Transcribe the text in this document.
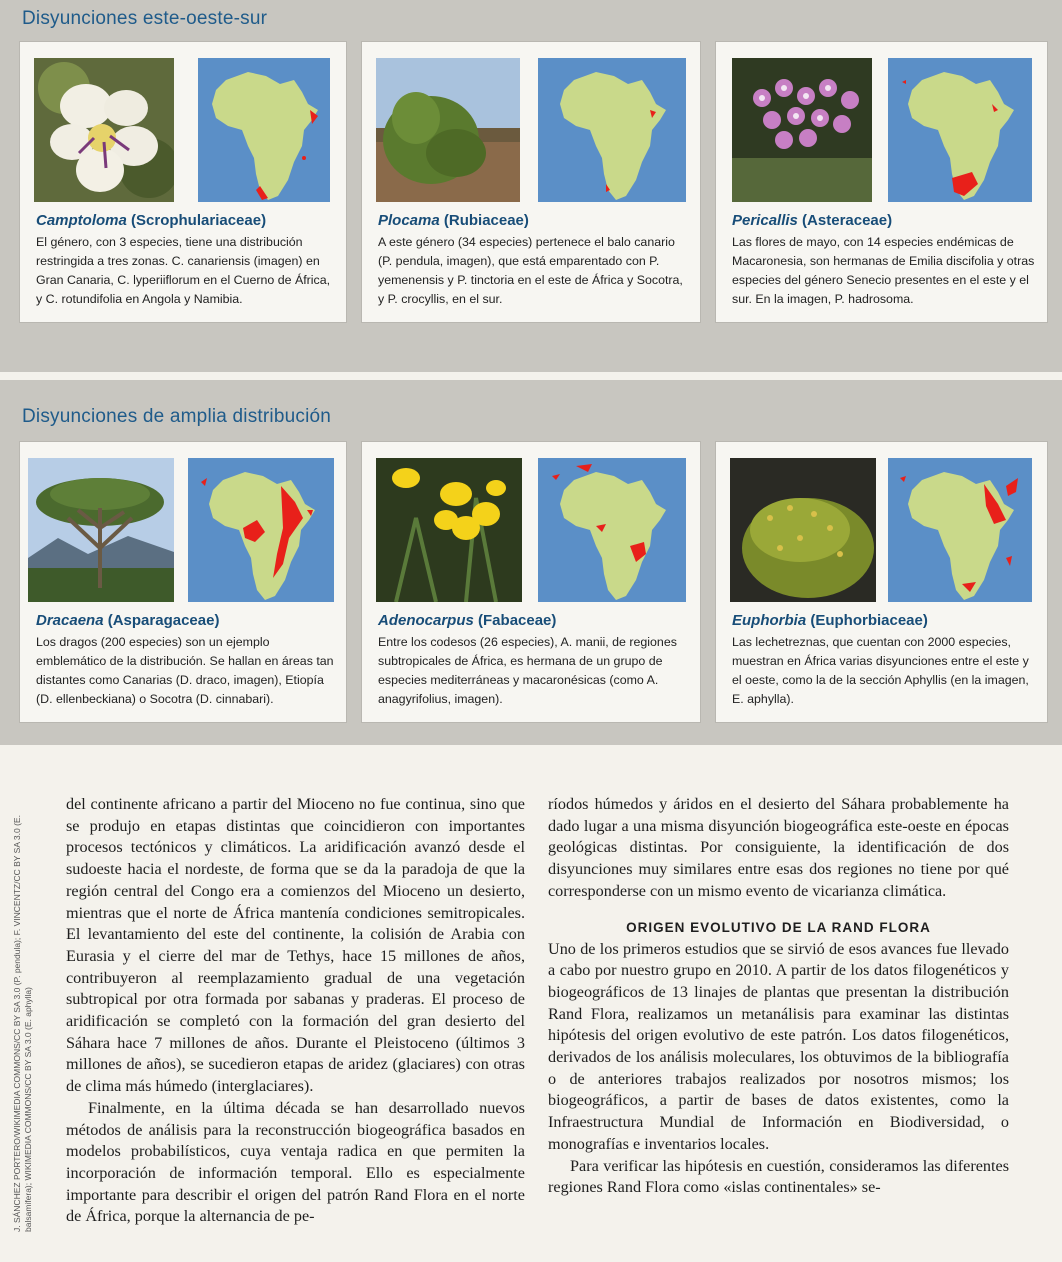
Disyunciones este-oeste-sur
Disyunciones de amplia distribución
Camptoloma (Scrophulariaceae)
El género, con 3 especies, tiene una distribución restringida a tres zonas. C. canariensis (imagen) en Gran Canaria, C. lyperiiflorum en el Cuerno de África, y C. rotundifolia en Angola y Namibia.
Plocama (Rubiaceae)
A este género (34 especies) pertenece el balo canario (P. pendula, imagen), que está emparentado con P. yemenensis y P. tinctoria en el este de África y Socotra, y P. crocyllis, en el sur.
Pericallis (Asteraceae)
Las flores de mayo, con 14 especies endémicas de Macaronesia, son hermanas de Emilia discifolia y otras especies del género Senecio presentes en el este y el sur. En la imagen, P. hadrosoma.
Dracaena (Asparagaceae)
Los dragos (200 especies) son un ejemplo emblemático de la distribución. Se hallan en áreas tan distantes como Canarias (D. draco, imagen), Etiopía (D. ellenbeckiana) o Socotra (D. cinnabari).
Adenocarpus (Fabaceae)
Entre los codesos (26 especies), A. manii, de regiones subtropicales de África, es hermana de un grupo de especies mediterráneas y macaronésicas (como A. anagyrifolius, imagen).
Euphorbia (Euphorbiaceae)
Las lechetreznas, que cuentan con 2000 especies, muestran en África varias disyunciones entre el este y el oeste, como la de la sección Aphyllis (en la imagen, E. aphylla).
J. SÁNCHEZ PORTERO/WIKIMEDIA COMMONS/CC BY SA 3.0 (P. pendula); F. VINCENTZ/CC BY SA 3.0 (E. balsamifera); WIKIMEDIA COMMONS/CC BY SA 3.0 (E. aphylla)

del continente africano a partir del Mioceno no fue continua, sino que se produjo en etapas distintas que coincidieron con importantes procesos tectónicos y climáticos. La aridificación avanzó desde el sudoeste hacia el nordeste, de forma que se da la paradoja de que la región central del Congo era a comienzos del Mioceno un desierto, mientras que el norte de África mantenía condiciones semitropicales. El levantamiento del este del continente, la colisión de Arabia con Eurasia y el cierre del mar de Tethys, hace 15 millones de años, contribuyeron al reemplazamiento gradual de una vegetación subtropical por otra formada por sabanas y praderas. El proceso de aridificación se completó con la formación del gran desierto del Sáhara hace 7 millones de años. Durante el Pleistoceno (últimos 3 millones de años), se sucedieron etapas de aridez (glaciares) con otras de clima más húmedo (interglaciares).

Finalmente, en la última década se han desarrollado nuevos métodos de análisis para la reconstrucción biogeográfica basados en modelos probabilísticos, cuya ventaja radica en que permiten la incorporación de información temporal. Ello es especialmente importante para describir el origen del patrón Rand Flora en el norte de África, porque la alternancia de pe-

ríodos húmedos y áridos en el desierto del Sáhara probablemente ha dado lugar a una misma disyunción biogeográfica este-oeste en épocas geológicas distintas. Por consiguiente, la identificación de dos disyunciones muy similares entre esas dos regiones no tiene por qué corresponderse con un mismo evento de vicarianza climática.

ORIGEN EVOLUTIVO DE LA RAND FLORA

Uno de los primeros estudios que se sirvió de esos avances fue llevado a cabo por nuestro grupo en 2010. A partir de los datos filogenéticos y biogeográficos de 13 linajes de plantas que presentan la distribución Rand Flora, realizamos un metanálisis para examinar las distintas hipótesis del origen evolutivo de este patrón. Los datos filogenéticos, derivados de los análisis moleculares, los obtuvimos de la bibliografía o de anteriores trabajos realizados por nosotros mismos; los biogeográficos, a partir de bases de datos existentes, como la Infraestructura Mundial de Información en Biodiversidad, o monografías e inventarios locales.

Para verificar las hipótesis en cuestión, consideramos las diferentes regiones Rand Flora como «islas continentales» se-
